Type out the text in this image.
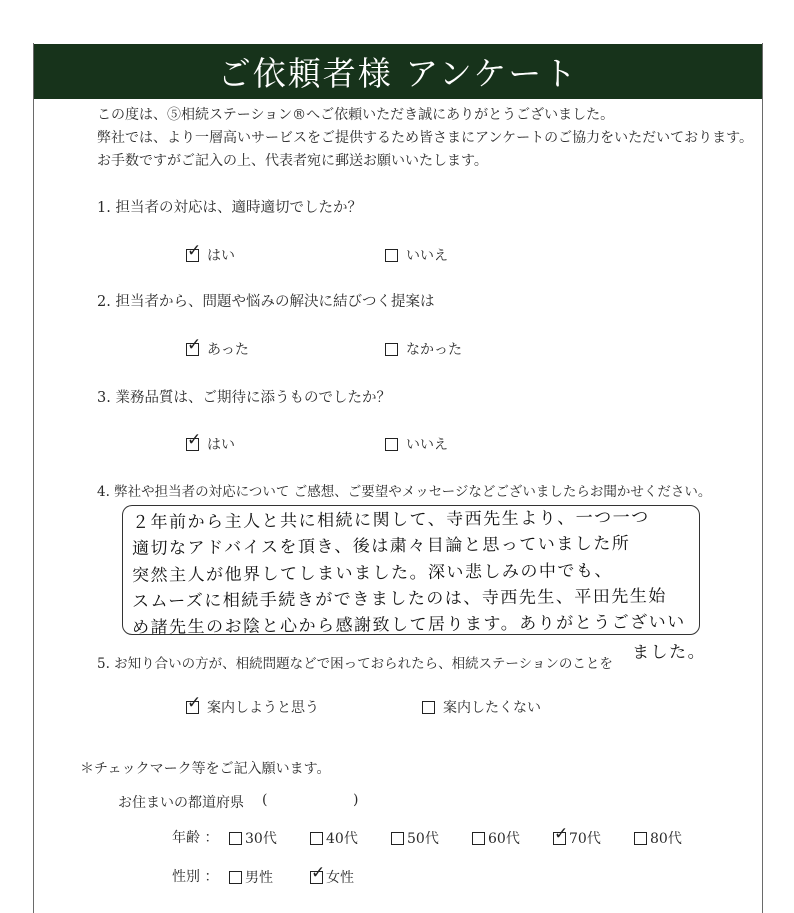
ご依頼者様 アンケート
この度は、⑤相続ステーション®へご依頼いただき誠にありがとうございました。
弊社では、より一層高いサービスをご提供するため皆さまにアンケートのご協力をいただいております。
お手数ですがご記入の上、代表者宛に郵送お願いいたします。
1. 担当者の対応は、適時適切でしたか？
✓
はい	いいえ
2. 担当者から、問題や悩みの解決に結びつく提案は
✓
あった	なかった
3. 業務品質は、ご期待に添うものでしたか？
✓
はい	いいえ
4. 弊社や担当者の対応について ご感想、ご要望やメッセージなどございましたらお聞かせください。
２年前から主人と共に相続に関して、寺西先生より、一つ一つ
適切なアドバイスを頂き、後は粛々目論と思っていました所
突然主人が他界してしまいました。深い悲しみの中でも、
スムーズに相続手続きができましたのは、寺西先生、平田先生始
め諸先生のお陰と心から感謝致して居ります。ありがとうございい
ました。
5. お知り合いの方が、相続問題などで困っておられたら、相続ステーションのことを
✓
案内しようと思う	案内したくない
＊チェックマーク等をご記入願います。
お住まいの都道府県 (	)
年齢 ： 30代	40代	50代	60代 ✓	70代	80代
性別 ： 男性 ✓	女性
